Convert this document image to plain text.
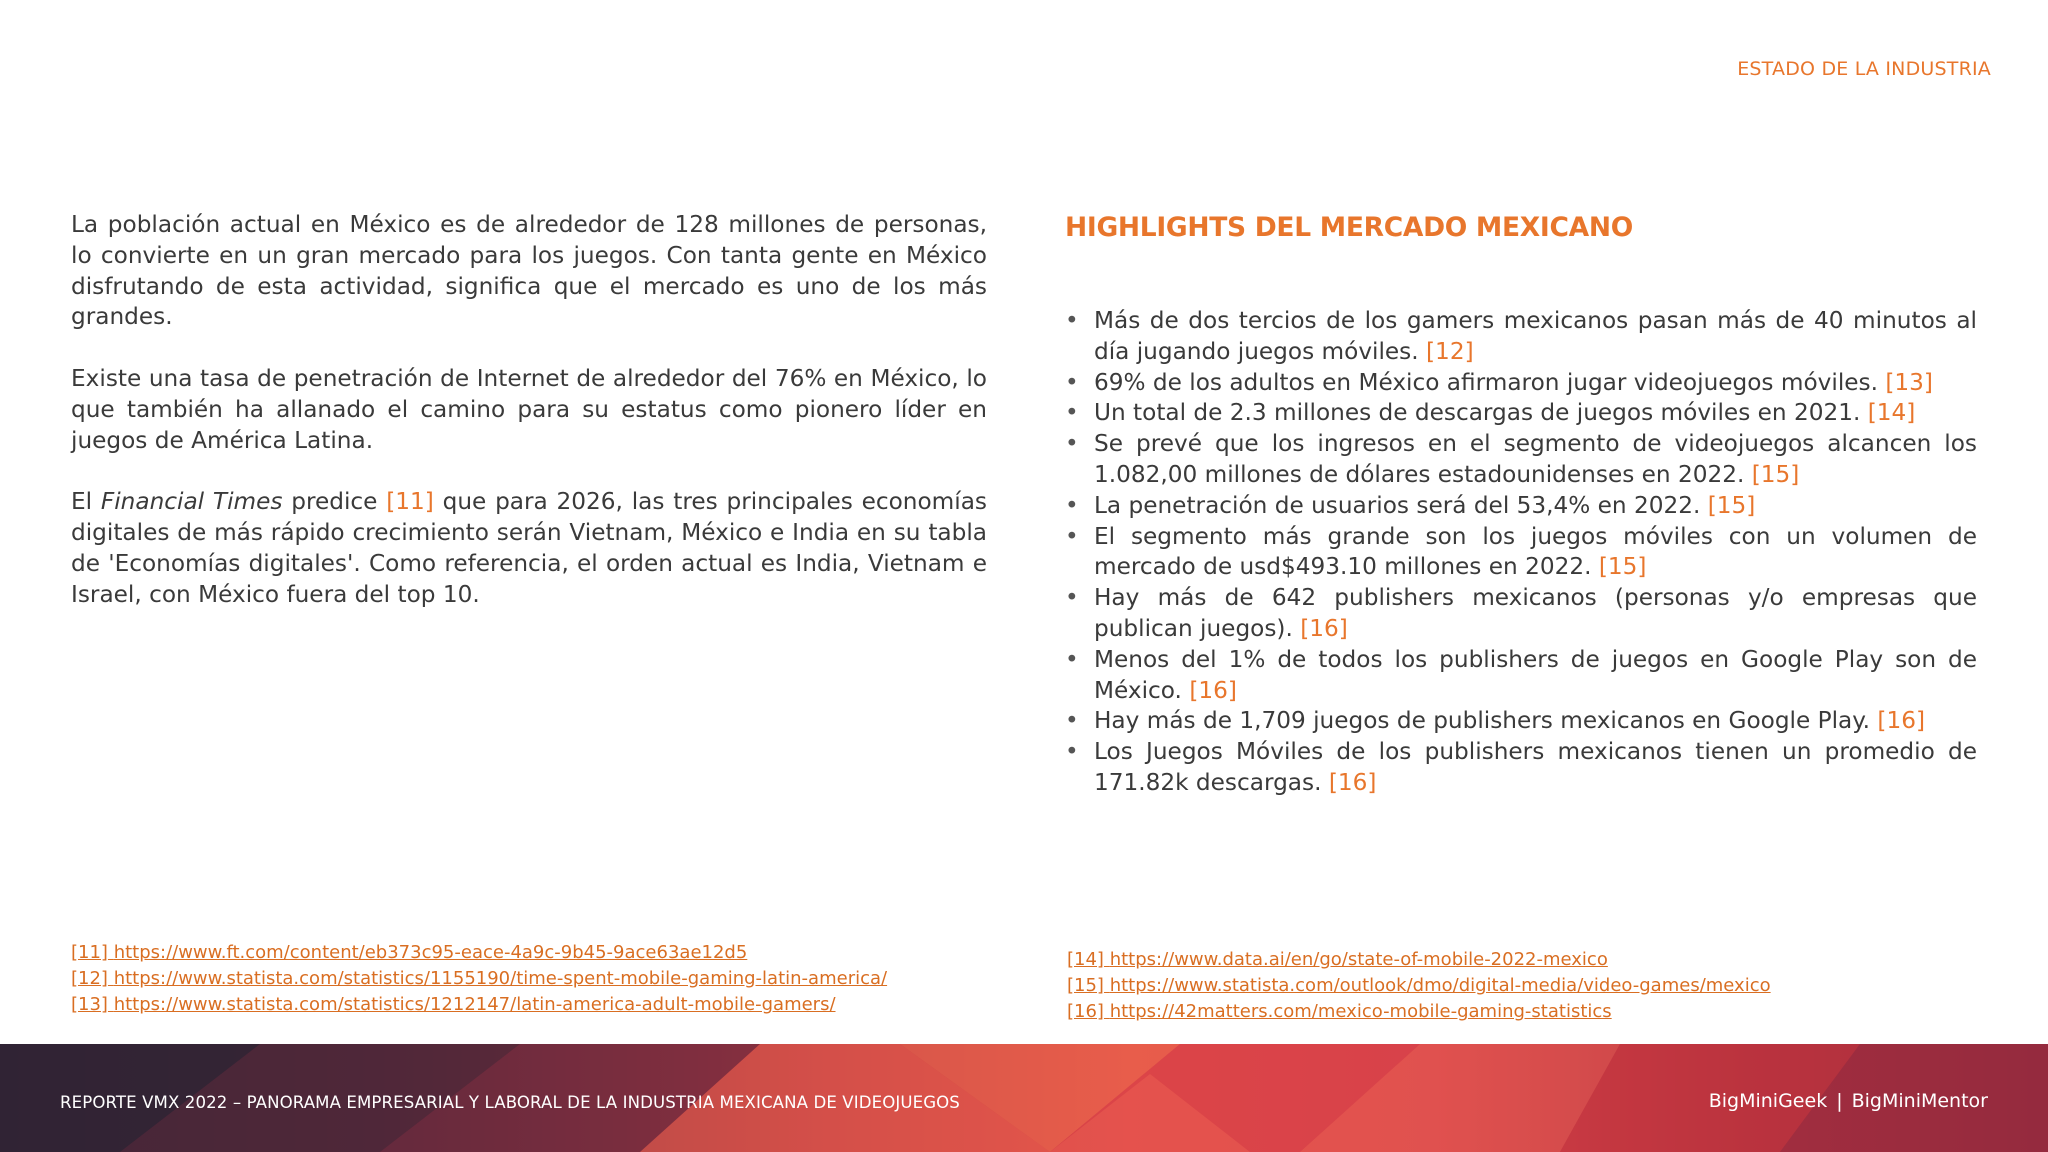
ESTADO DE LA INDUSTRIA

La población actual en México es de alrededor de 128 millones de personas, lo convierte en un gran mercado para los juegos. Con tanta gente en México disfrutando de esta actividad, significa que el mercado es uno de los más grandes.

Existe una tasa de penetración de Internet de alrededor del 76% en México, lo que también ha allanado el camino para su estatus como pionero líder en juegos de América Latina.

El Financial Times predice [11] que para 2026, las tres principales economías digitales de más rápido crecimiento serán Vietnam, México e India en su tabla de 'Economías digitales'. Como referencia, el orden actual es India, Vietnam e Israel, con México fuera del top 10.

HIGHLIGHTS DEL MERCADO MEXICANO
• Más de dos tercios de los gamers mexicanos pasan más de 40 minutos al día jugando juegos móviles. [12]
• 69% de los adultos en México afirmaron jugar videojuegos móviles. [13]
• Un total de 2.3 millones de descargas de juegos móviles en 2021. [14]
• Se prevé que los ingresos en el segmento de videojuegos alcancen los 1.082,00 millones de dólares estadounidenses en 2022. [15]
• La penetración de usuarios será del 53,4% en 2022. [15]
• El segmento más grande son los juegos móviles con un volumen de mercado de usd$493.10 millones en 2022. [15]
• Hay más de 642 publishers mexicanos (personas y/o empresas que publican juegos). [16]
• Menos del 1% de todos los publishers de juegos en Google Play son de México. [16]
• Hay más de 1,709 juegos de publishers mexicanos en Google Play. [16]
• Los Juegos Móviles de los publishers mexicanos tienen un promedio de 171.82k descargas. [16]
[11] https://www.ft.com/content/eb373c95-eace-4a9c-9b45-9ace63ae12d5
[12] https://www.statista.com/statistics/1155190/time-spent-mobile-gaming-latin-america/
[13] https://www.statista.com/statistics/1212147/latin-america-adult-mobile-gamers/
[14] https://www.data.ai/en/go/state-of-mobile-2022-mexico
[15] https://www.statista.com/outlook/dmo/digital-media/video-games/mexico
[16] https://42matters.com/mexico-mobile-gaming-statistics
REPORTE VMX 2022 – PANORAMA EMPRESARIAL Y LABORAL DE LA INDUSTRIA MEXICANA DE VIDEOJUEGOS	BigMiniGeek | BigMiniMentor
